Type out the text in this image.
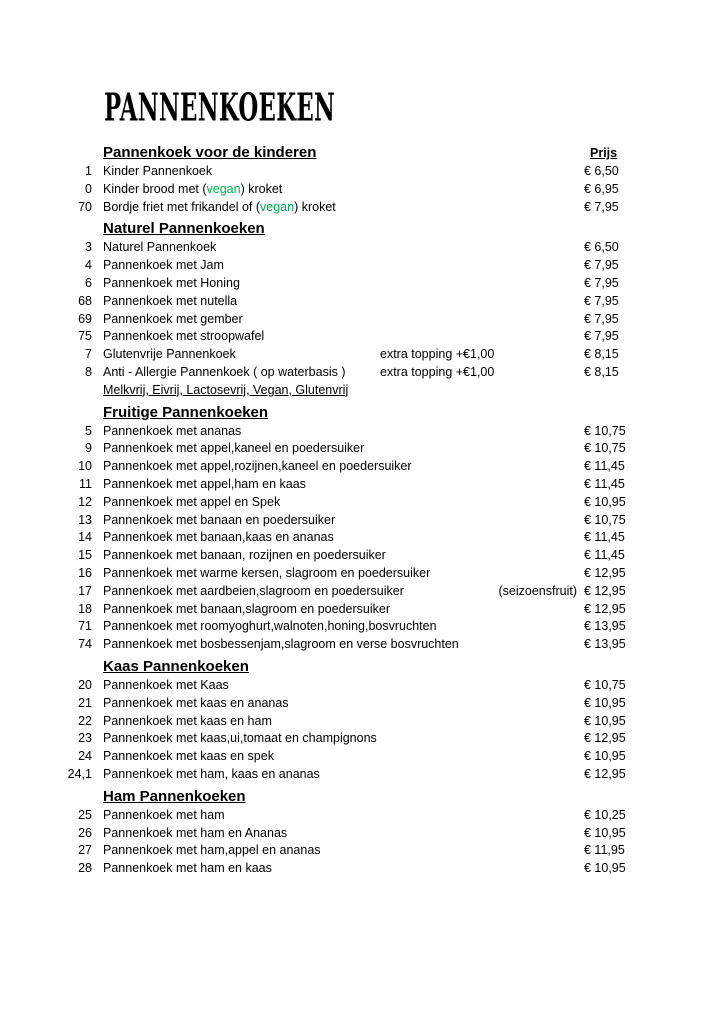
PANNENKOEKEN
Pannenkoek voor de kinderen	Prijs
1 Kinder Pannenkoek	€ 6,50
0 Kinder brood met (vegan) kroket	€ 6,95
70 Bordje friet met frikandel of (vegan) kroket	€ 7,95
Naturel Pannenkoeken
3 Naturel Pannenkoek	€ 6,50
4 Pannenkoek met Jam	€ 7,95
6 Pannenkoek met Honing	€ 7,95
68 Pannenkoek met nutella	€ 7,95
69 Pannenkoek met gember	€ 7,95
75 Pannenkoek met stroopwafel	€ 7,95
7 Glutenvrije Pannenkoek	extra topping +€1,00	€ 8,15
8 Anti - Allergie Pannenkoek ( op waterbasis )	extra topping +€1,00	€ 8,15
Melkvrij, Eivrij, Lactosevrij, Vegan, Glutenvrij
Fruitige Pannenkoeken
5 Pannenkoek met ananas	€ 10,75
9 Pannenkoek met appel,kaneel en poedersuiker	€ 10,75
10 Pannenkoek met appel,rozijnen,kaneel en poedersuiker	€ 11,45
11 Pannenkoek met appel,ham en kaas	€ 11,45
12 Pannenkoek met appel en Spek	€ 10,95
13 Pannenkoek met banaan en poedersuiker	€ 10,75
14 Pannenkoek met banaan,kaas en ananas	€ 11,45
15 Pannenkoek met banaan, rozijnen en poedersuiker	€ 11,45
16 Pannenkoek met warme kersen, slagroom en poedersuiker	€ 12,95
17 Pannenkoek met aardbeien,slagroom en poedersuiker	(seizoensfruit) € 12,95
18 Pannenkoek met banaan,slagroom en poedersuiker	€ 12,95
71 Pannenkoek met roomyoghurt,walnoten,honing,bosvruchten	€ 13,95
74 Pannenkoek met bosbessenjam,slagroom en verse bosvruchten	€ 13,95
Kaas Pannenkoeken
20 Pannenkoek met Kaas	€ 10,75
21 Pannenkoek met kaas en ananas	€ 10,95
22 Pannenkoek met kaas en ham	€ 10,95
23 Pannenkoek met kaas,ui,tomaat en champignons	€ 12,95
24 Pannenkoek met kaas en spek	€ 10,95
24,1 Pannenkoek met ham, kaas en ananas	€ 12,95
Ham Pannenkoeken
25 Pannenkoek met ham	€ 10,25
26 Pannenkoek met ham en Ananas	€ 10,95
27 Pannenkoek met ham,appel en ananas	€ 11,95
28 Pannenkoek met ham en kaas	€ 10,95
